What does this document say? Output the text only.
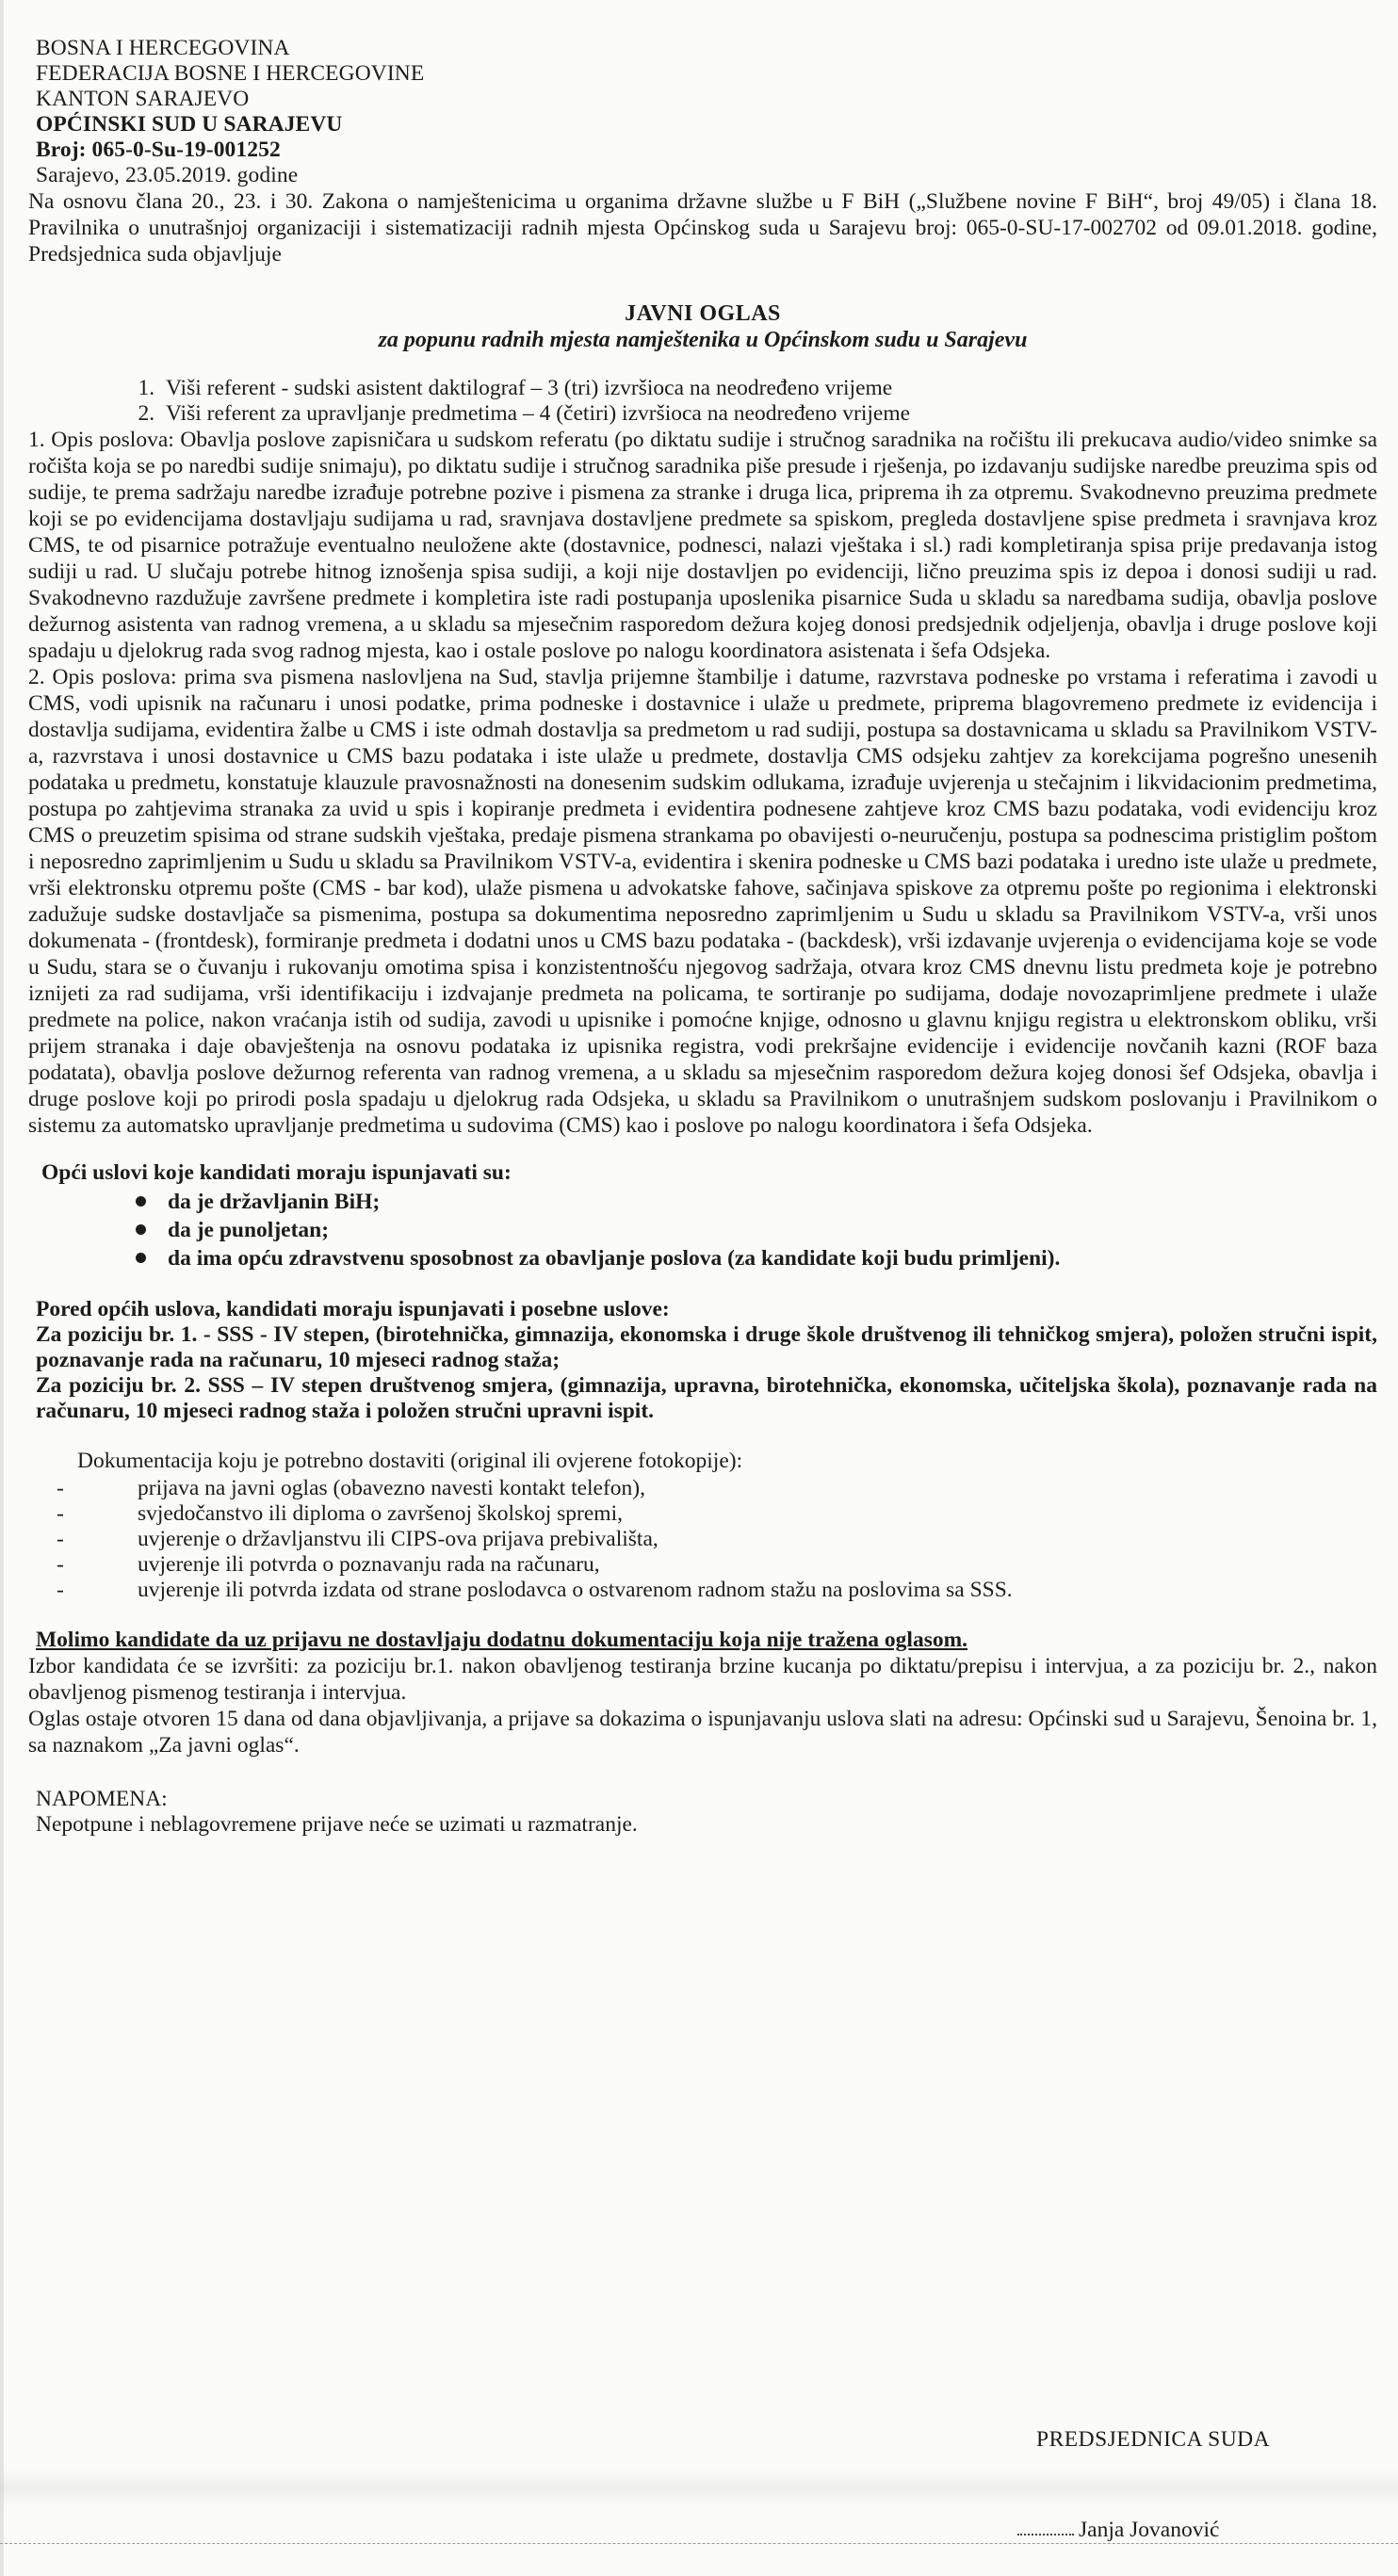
BOSNA I HERCEGOVINA

FEDERACIJA BOSNE I HERCEGOVINE

KANTON SARAJEVO

OPĆINSKI SUD U SARAJEVU

Broj: 065-0-Su-19-001252

Sarajevo, 23.05.2019. godine

Na osnovu člana 20., 23. i 30. Zakona o namještenicima u organima državne službe u F BiH („Službene novine F BiH“, broj 49/05) i člana 18. Pravilnika o unutrašnjoj organizaciji i sistematizaciji radnih mjesta Općinskog suda u Sarajevu broj: 065-0-SU-17-002702 od 09.01.2018. godine, Predsjednica suda objavljuje

JAVNI OGLAS

za popunu radnih mjesta namještenika u Općinskom sudu u Sarajevu

1. Viši referent - sudski asistent daktilograf – 3 (tri) izvršioca na neodređeno vrijeme
2. Viši referent za upravljanje predmetima – 4 (četiri) izvršioca na neodređeno vrijeme

1. Opis poslova: Obavlja poslove zapisničara u sudskom referatu (po diktatu sudije i stručnog saradnika na ročištu ili prekucava audio/video snimke sa ročišta koja se po naredbi sudije snimaju), po diktatu sudije i stručnog saradnika piše presude i rješenja, po izdavanju sudijske naredbe preuzima spis od sudije, te prema sadržaju naredbe izrađuje potrebne pozive i pismena za stranke i druga lica, priprema ih za otpremu. Svakodnevno preuzima predmete koji se po evidencijama dostavljaju sudijama u rad, sravnjava dostavljene predmete sa spiskom, pregleda dostavljene spise predmeta i sravnjava kroz CMS, te od pisarnice potražuje eventualno neuložene akte (dostavnice, podnesci, nalazi vještaka i sl.) radi kompletiranja spisa prije predavanja istog sudiji u rad. U slučaju potrebe hitnog iznošenja spisa sudiji, a koji nije dostavljen po evidenciji, lično preuzima spis iz depoa i donosi sudiji u rad. Svakodnevno razdužuje završene predmete i kompletira iste radi postupanja uposlenika pisarnice Suda u skladu sa naredbama sudija, obavlja poslove dežurnog asistenta van radnog vremena, a u skladu sa mjesečnim rasporedom dežura kojeg donosi predsjednik odjeljenja, obavlja i druge poslove koji spadaju u djelokrug rada svog radnog mjesta, kao i ostale poslove po nalogu koordinatora asistenata i šefa Odsjeka.

2. Opis poslova: prima sva pismena naslovljena na Sud, stavlja prijemne štambilje i datume, razvrstava podneske po vrstama i referatima i zavodi u CMS, vodi upisnik na računaru i unosi podatke, prima podneske i dostavnice i ulaže u predmete, priprema blagovremeno predmete iz evidencija i dostavlja sudijama, evidentira žalbe u CMS i iste odmah dostavlja sa predmetom u rad sudiji, postupa sa dostavnicama u skladu sa Pravilnikom VSTV-a, razvrstava i unosi dostavnice u CMS bazu podataka i iste ulaže u predmete, dostavlja CMS odsjeku zahtjev za korekcijama pogrešno unesenih podataka u predmetu, konstatuje klauzule pravosnažnosti na donesenim sudskim odlukama, izrađuje uvjerenja u stečajnim i likvidacionim predmetima, postupa po zahtjevima stranaka za uvid u spis i kopiranje predmeta i evidentira podnesene zahtjeve kroz CMS bazu podataka, vodi evidenciju kroz CMS o preuzetim spisima od strane sudskih vještaka, predaje pismena strankama po obavijesti o-neuručenju, postupa sa podnescima pristiglim poštom i neposredno zaprimljenim u Sudu u skladu sa Pravilnikom VSTV-a, evidentira i skenira podneske u CMS bazi podataka i uredno iste ulaže u predmete, vrši elektronsku otpremu pošte (CMS - bar kod), ulaže pismena u advokatske fahove, sačinjava spiskove za otpremu pošte po regionima i elektronski zadužuje sudske dostavljače sa pismenima, postupa sa dokumentima neposredno zaprimljenim u Sudu u skladu sa Pravilnikom VSTV-a, vrši unos dokumenata - (frontdesk), formiranje predmeta i dodatni unos u CMS bazu podataka - (backdesk), vrši izdavanje uvjerenja o evidencijama koje se vode u Sudu, stara se o čuvanju i rukovanju omotima spisa i konzistentnošću njegovog sadržaja, otvara kroz CMS dnevnu listu predmeta koje je potrebno iznijeti za rad sudijama, vrši identifikaciju i izdvajanje predmeta na policama, te sortiranje po sudijama, dodaje novozaprimljene predmete i ulaže predmete na police, nakon vraćanja istih od sudija, zavodi u upisnike i pomoćne knjige, odnosno u glavnu knjigu registra u elektronskom obliku, vrši prijem stranaka i daje obavještenja na osnovu podataka iz upisnika registra, vodi prekršajne evidencije i evidencije novčanih kazni (ROF baza podatata), obavlja poslove dežurnog referenta van radnog vremena, a u skladu sa mjesečnim rasporedom dežura kojeg donosi šef Odsjeka, obavlja i druge poslove koji po prirodi posla spadaju u djelokrug rada Odsjeka, u skladu sa Pravilnikom o unutrašnjem sudskom poslovanju i Pravilnikom o sistemu za automatsko upravljanje predmetima u sudovima (CMS) kao i poslove po nalogu koordinatora i šefa Odsjeka.

Opći uslovi koje kandidati moraju ispunjavati su:
da je državljanin BiH;
da je punoljetan;
da ima opću zdravstvenu sposobnost za obavljanje poslova (za kandidate koji budu primljeni).
Pored općih uslova, kandidati moraju ispunjavati i posebne uslove:
Za poziciju br. 1. - SSS - IV stepen, (birotehnička, gimnazija, ekonomska i druge škole društvenog ili tehničkog smjera), položen stručni ispit, poznavanje rada na računaru, 10 mjeseci radnog staža;
Za poziciju br. 2. SSS – IV stepen društvenog smjera, (gimnazija, upravna, birotehnička, ekonomska, učiteljska škola), poznavanje rada na računaru, 10 mjeseci radnog staža i položen stručni upravni ispit.
Dokumentacija koju je potrebno dostaviti (original ili ovjerene fotokopije):
-	prijava na javni oglas (obavezno navesti kontakt telefon),
-	svjedočanstvo ili diploma o završenoj školskoj spremi,
-	uvjerenje o državljanstvu ili CIPS-ova prijava prebivališta,
-	uvjerenje ili potvrda o poznavanju rada na računaru,
-	uvjerenje ili potvrda izdata od strane poslodavca o ostvarenom radnom stažu na poslovima sa SSS.
Molimo kandidate da uz prijavu ne dostavljaju dodatnu dokumentaciju koja nije tražena oglasom.

Izbor kandidata će se izvršiti: za poziciju br.1. nakon obavljenog testiranja brzine kucanja po diktatu/prepisu i intervjua, a za poziciju br. 2., nakon obavljenog pismenog testiranja i intervjua.

Oglas ostaje otvoren 15 dana od dana objavljivanja, a prijave sa dokazima o ispunjavanju uslova slati na adresu: Općinski sud u Sarajevu, Šenoina br. 1, sa naznakom „Za javni oglas“.

NAPOMENA:
Nepotpune i neblagovremene prijave neće se uzimati u razmatranje.
PREDSJEDNICA SUDA
Janja Jovanović
